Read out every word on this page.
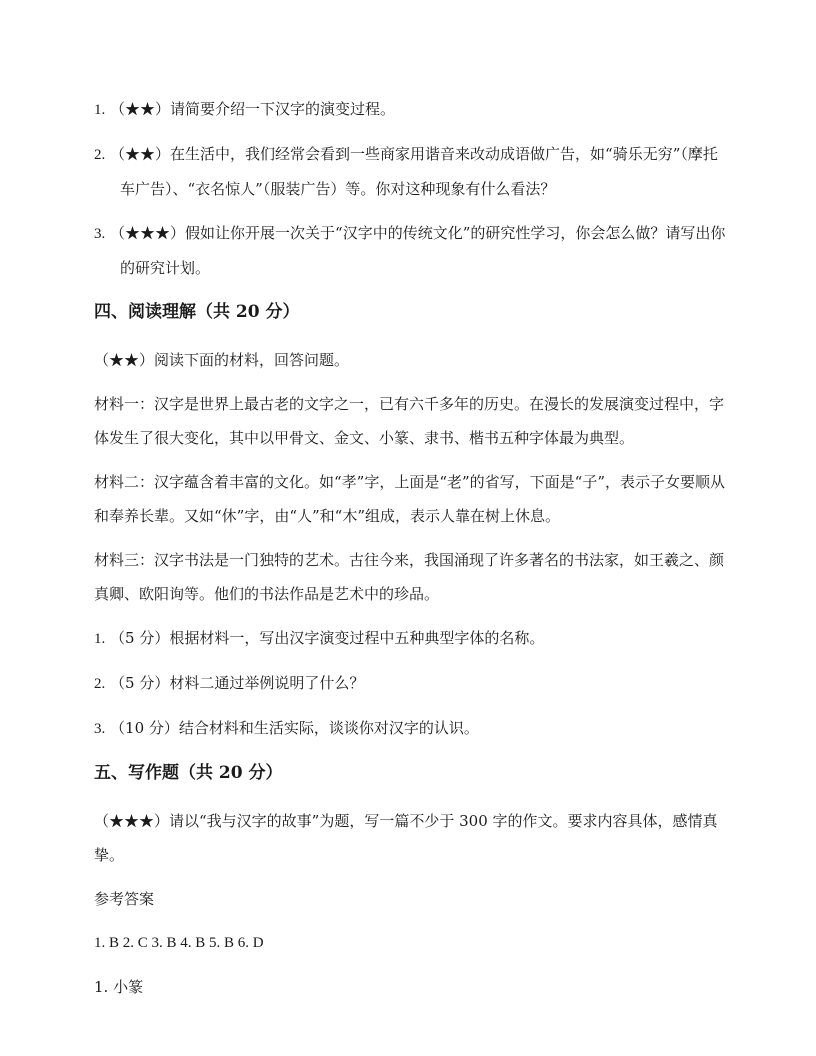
1. （★★）请简要介绍一下汉字的演变过程。

2. （★★）在生活中，我们经常会看到一些商家用谐音来改动成语做广告，如“骑乐无穷”（摩托车广告）、“衣名惊人”（服装广告）等。你对这种现象有什么看法？

3. （★★★）假如让你开展一次关于“汉字中的传统文化”的研究性学习，你会怎么做？请写出你的研究计划。

四、阅读理解（共 20 分）

（★★）阅读下面的材料，回答问题。

材料一：汉字是世界上最古老的文字之一，已有六千多年的历史。在漫长的发展演变过程中，字体发生了很大变化，其中以甲骨文、金文、小篆、隶书、楷书五种字体最为典型。

材料二：汉字蕴含着丰富的文化。如“孝”字，上面是“老”的省写，下面是“子”，表示子女要顺从和奉养长辈。又如“休”字，由“人”和“木”组成，表示人靠在树上休息。

材料三：汉字书法是一门独特的艺术。古往今来，我国涌现了许多著名的书法家，如王羲之、颜真卿、欧阳询等。他们的书法作品是艺术中的珍品。

1. （5 分）根据材料一，写出汉字演变过程中五种典型字体的名称。

2. （5 分）材料二通过举例说明了什么？

3. （10 分）结合材料和生活实际，谈谈你对汉字的认识。

五、写作题（共 20 分）

（★★★）请以“我与汉字的故事”为题，写一篇不少于 300 字的作文。要求内容具体，感情真挚。

参考答案

1. B 2. C 3. B 4. B 5. B 6. D

1. 小篆
